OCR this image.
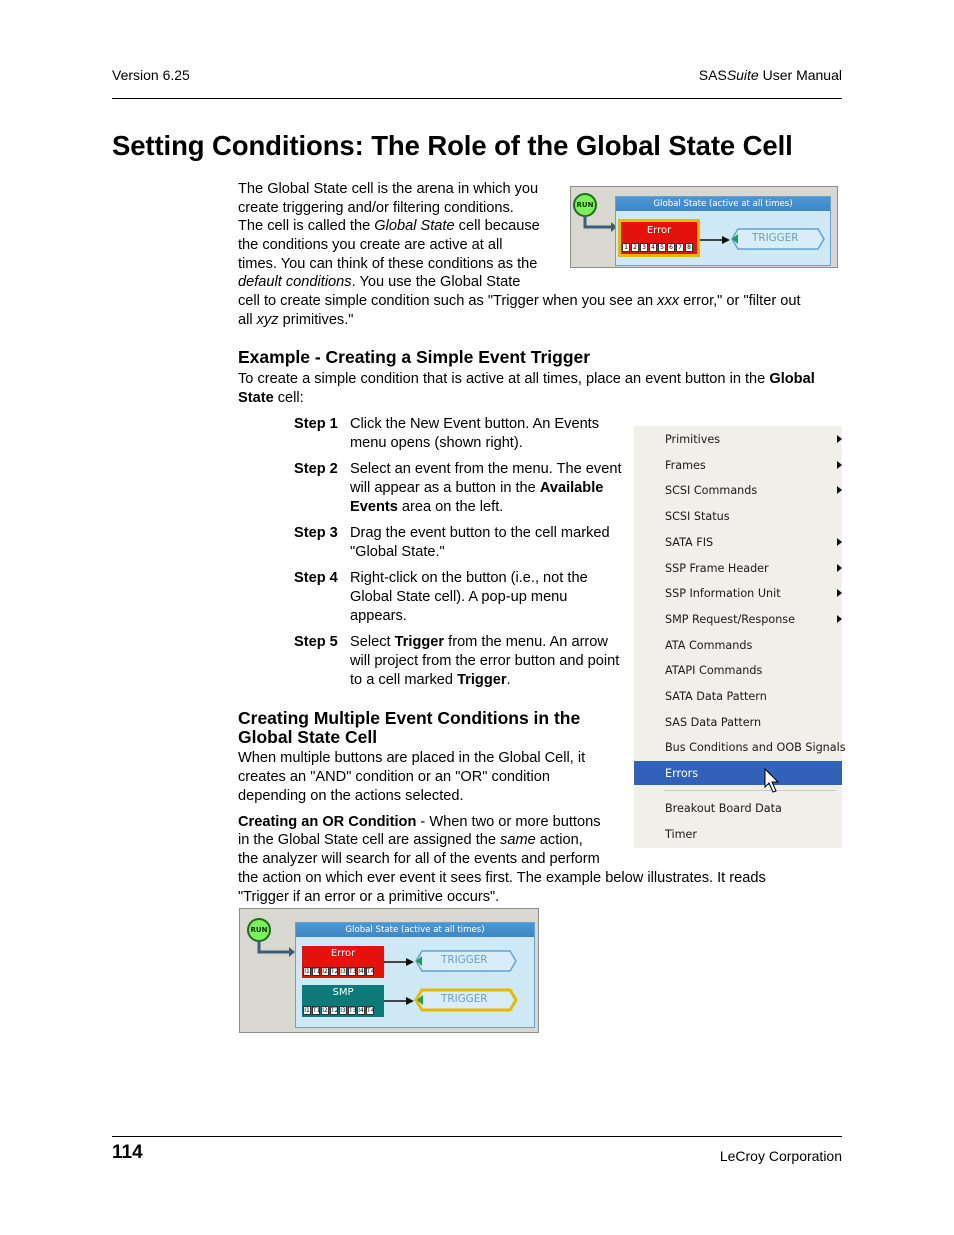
Version 6.25	SASSuite User Manual
Setting Conditions: The Role of the Global State Cell
The Global State cell is the arena in which you
create triggering and/or filtering conditions.
The cell is called the Global State cell because
the conditions you create are active at all
times. You can think of these conditions as the
default conditions. You use the Global State
cell to create simple condition such as "Trigger when you see an xxx error," or "filter out
all xyz primitives."
RUN	Global State (active at all times)
Error
1 2 3 4 5 6 7 8
TRIGGER
Example - Creating a Simple Event Trigger
To create a simple condition that is active at all times, place an event button in the Global
State cell:
Step 1 Click the New Event button. An Events menu opens (shown right).
Step 2 Select an event from the menu. The event will appear as a button in the Available Events area on the left.
Step 3 Drag the event button to the cell marked "Global State."
Step 4 Right-click on the button (i.e., not the Global State cell). A pop-up menu appears.
Step 5 Select Trigger from the menu. An arrow will project from the error button and point to a cell marked Trigger.
Primitives
Frames
SCSI Commands
SCSI Status
SATA FIS
SSP Frame Header
SSP Information Unit
SMP Request/Response
ATA Commands
ATAPI Commands
SATA Data Pattern
SAS Data Pattern
Bus Conditions and OOB Signals
Errors
Breakout Board Data
Timer
Creating Multiple Event Conditions in the Global State Cell
When multiple buttons are placed in the Global Cell, it creates an "AND" condition or an "OR" condition depending on the actions selected.
Creating an OR Condition - When two or more buttons
in the Global State cell are assigned the same action,
the analyzer will search for all of the events and perform
the action on which ever event it sees first. The example below illustrates. It reads
"Trigger if an error or a primitive occurs".
RUN	Global State (active at all times)
Error
I1 T1 I2 T2 I3 T3 I4 T4
TRIGGER
SMP
I1 T1 I2 T2 I3 T3 I4 T4
TRIGGER
114	LeCroy Corporation
